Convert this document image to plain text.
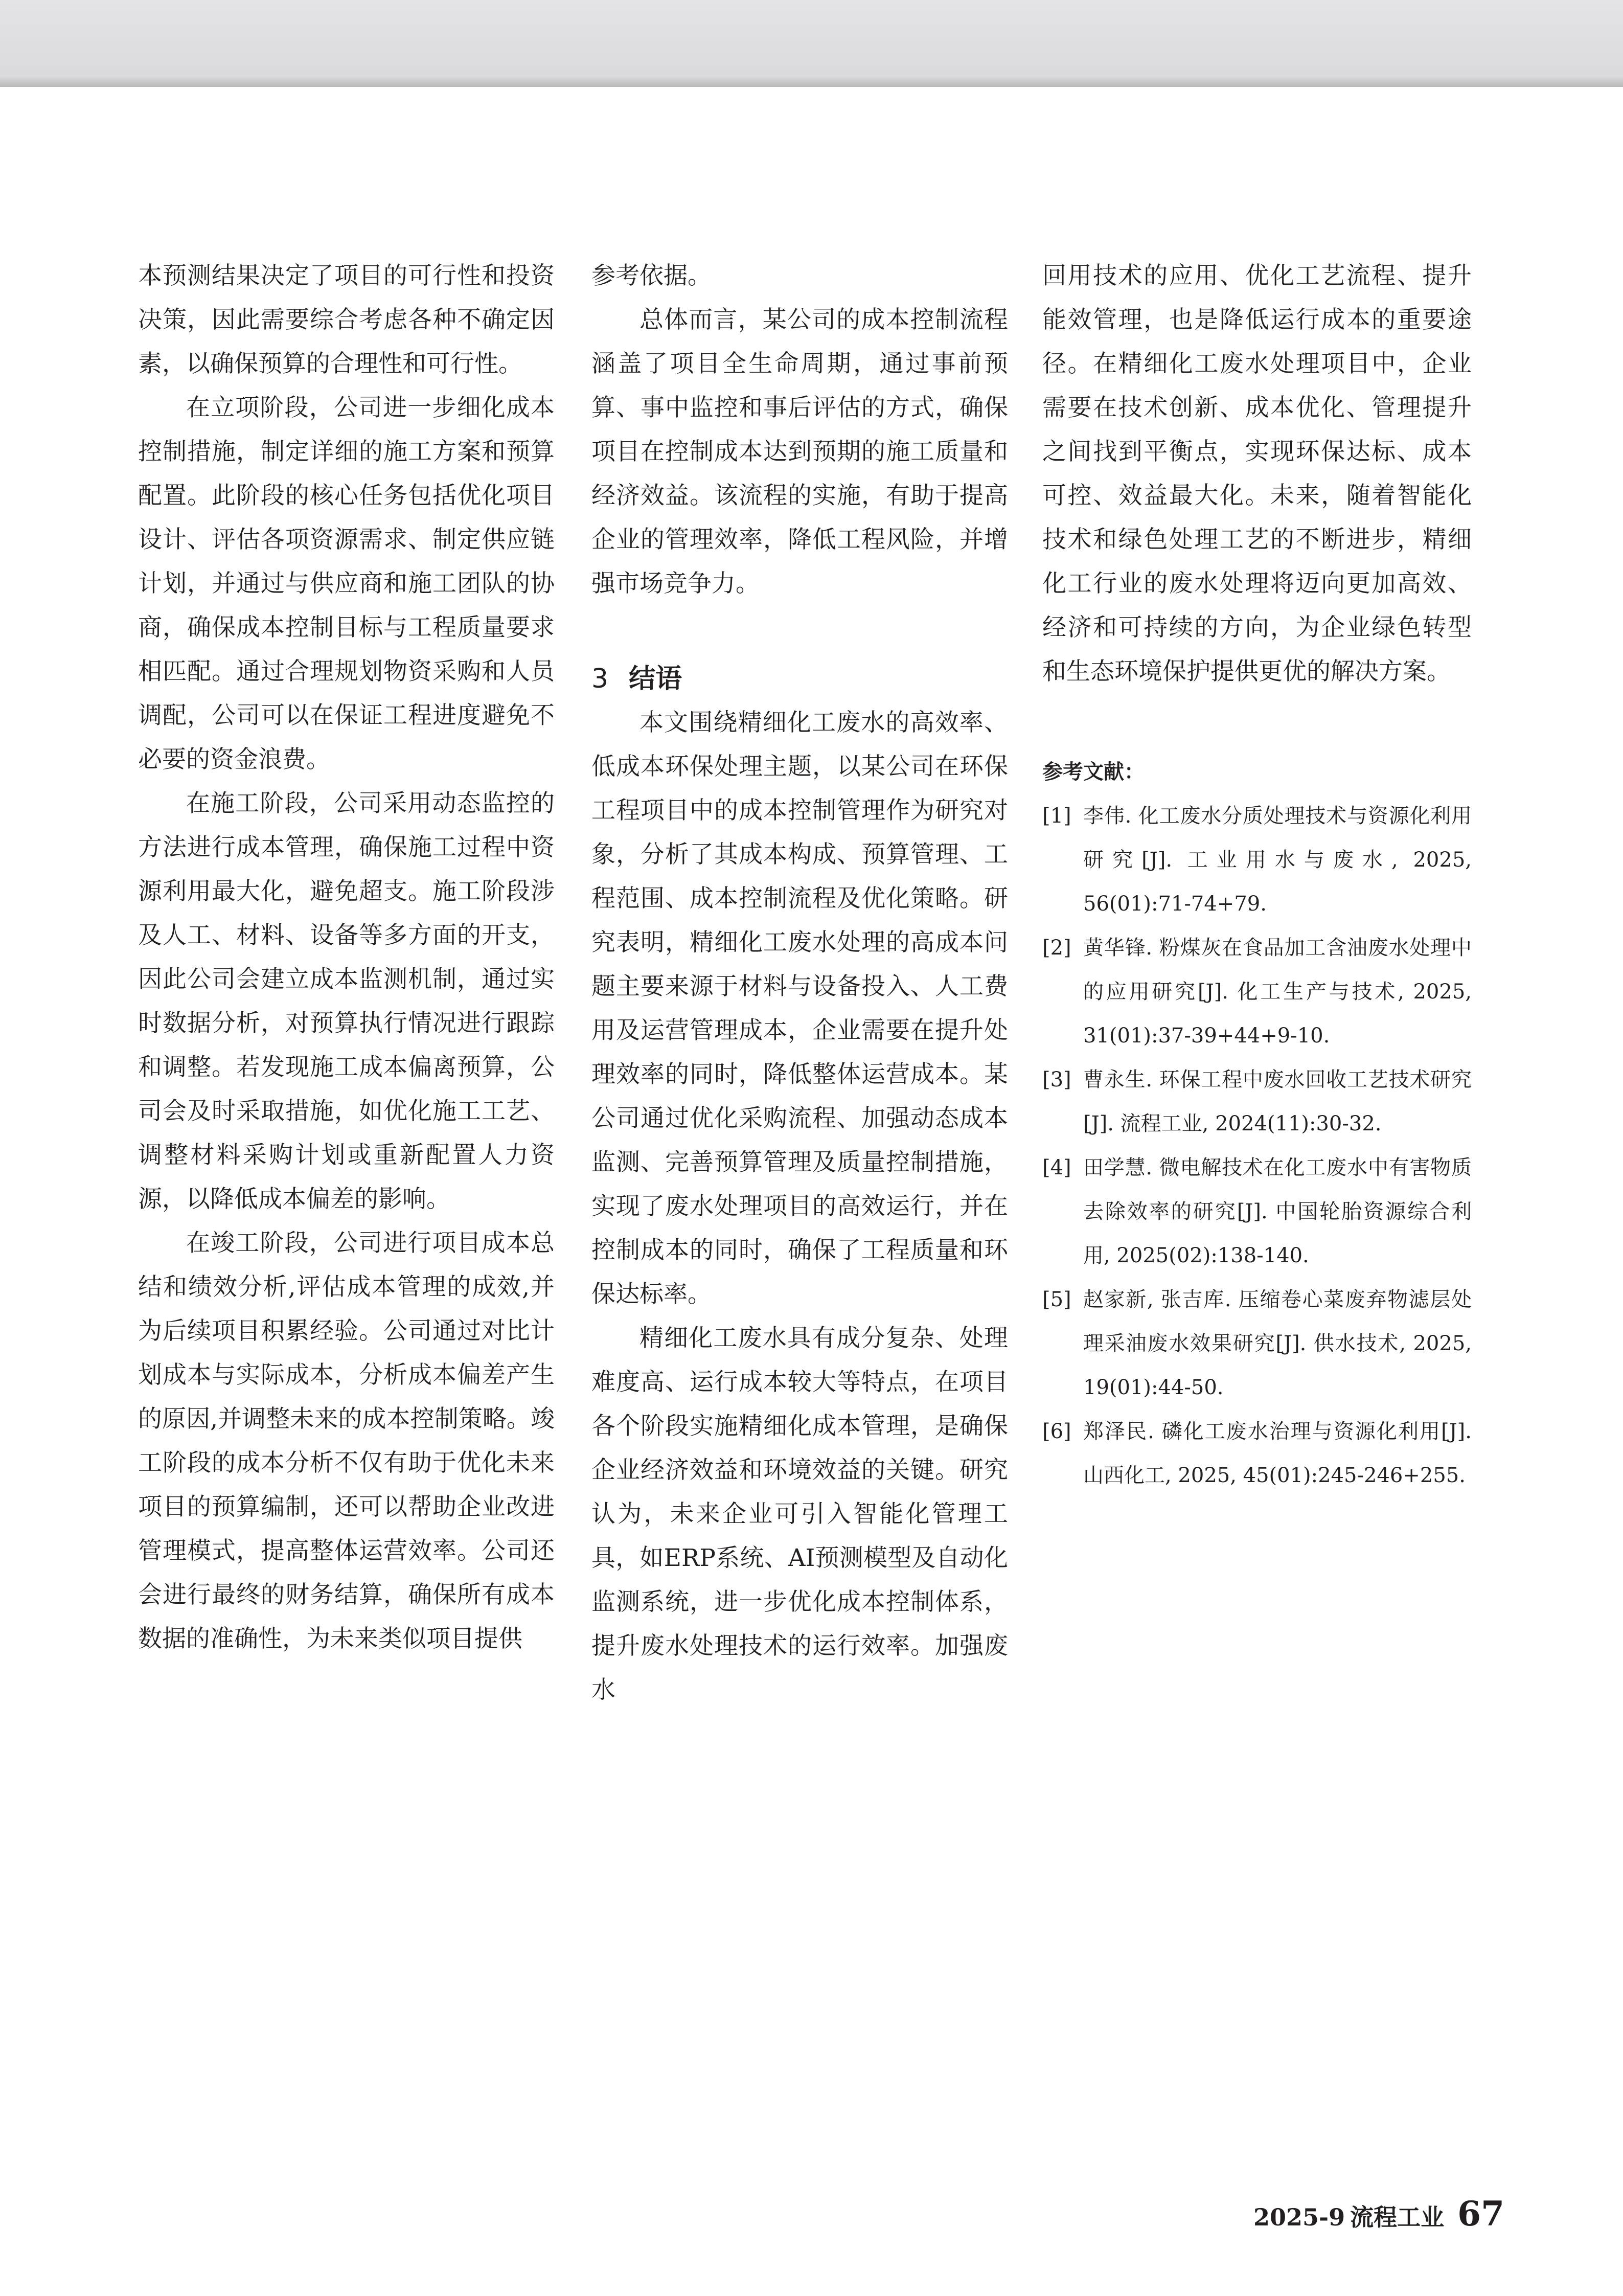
本预测结果决定了项目的可行性和投资决策，因此需要综合考虑各种不确定因素，以确保预算的合理性和可行性。

在立项阶段，公司进一步细化成本控制措施，制定详细的施工方案和预算配置。此阶段的核心任务包括优化项目设计、评估各项资源需求、制定供应链计划，并通过与供应商和施工团队的协商，确保成本控制目标与工程质量要求相匹配。通过合理规划物资采购和人员调配，公司可以在保证工程进度避免不必要的资金浪费。

在施工阶段，公司采用动态监控的方法进行成本管理，确保施工过程中资源利用最大化，避免超支。施工阶段涉及人工、材料、设备等多方面的开支，因此公司会建立成本监测机制，通过实时数据分析，对预算执行情况进行跟踪和调整。若发现施工成本偏离预算，公司会及时采取措施，如优化施工工艺、调整材料采购计划或重新配置人力资源，以降低成本偏差的影响。

在竣工阶段，公司进行项目成本总结和绩效分析,评估成本管理的成效,并为后续项目积累经验。公司通过对比计划成本与实际成本，分析成本偏差产生的原因,并调整未来的成本控制策略。竣工阶段的成本分析不仅有助于优化未来项目的预算编制，还可以帮助企业改进管理模式，提高整体运营效率。公司还会进行最终的财务结算，确保所有成本数据的准确性，为未来类似项目提供

参考依据。

总体而言，某公司的成本控制流程涵盖了项目全生命周期，通过事前预算、事中监控和事后评估的方式，确保项目在控制成本达到预期的施工质量和经济效益。该流程的实施，有助于提高企业的管理效率，降低工程风险，并增强市场竞争力。

3 结语

本文围绕精细化工废水的高效率、低成本环保处理主题，以某公司在环保工程项目中的成本控制管理作为研究对象，分析了其成本构成、预算管理、工程范围、成本控制流程及优化策略。研究表明，精细化工废水处理的高成本问题主要来源于材料与设备投入、人工费用及运营管理成本，企业需要在提升处理效率的同时，降低整体运营成本。某公司通过优化采购流程、加强动态成本监测、完善预算管理及质量控制措施，实现了废水处理项目的高效运行，并在控制成本的同时，确保了工程质量和环保达标率。

精细化工废水具有成分复杂、处理难度高、运行成本较大等特点，在项目各个阶段实施精细化成本管理，是确保企业经济效益和环境效益的关键。研究认为，未来企业可引入智能化管理工具，如ERP系统、AI预测模型及自动化监测系统，进一步优化成本控制体系，提升废水处理技术的运行效率。加强废水

回用技术的应用、优化工艺流程、提升能效管理，也是降低运行成本的重要途径。在精细化工废水处理项目中，企业需要在技术创新、成本优化、管理提升之间找到平衡点，实现环保达标、成本可控、效益最大化。未来，随着智能化技术和绿色处理工艺的不断进步，精细化工行业的废水处理将迈向更加高效、经济和可持续的方向，为企业绿色转型和生态环境保护提供更优的解决方案。

参考文献：
[1] 李伟. 化工废水分质处理技术与资源化利用研究[J]. 工业用水与废水, 2025, 56(01):71-74+79.
[2] 黄华锋. 粉煤灰在食品加工含油废水处理中的应用研究[J]. 化工生产与技术, 2025, 31(01):37-39+44+9-10.
[3] 曹永生. 环保工程中废水回收工艺技术研究[J]. 流程工业, 2024(11):30-32.
[4] 田学慧. 微电解技术在化工废水中有害物质去除效率的研究[J]. 中国轮胎资源综合利用, 2025(02):138-140.
[5] 赵家新, 张吉库. 压缩卷心菜废弃物滤层处理采油废水效果研究[J]. 供水技术, 2025, 19(01):44-50.
[6] 郑泽民. 磷化工废水治理与资源化利用[J]. 山西化工, 2025, 45(01):245-246+255.
2025-9 流程工业 67
